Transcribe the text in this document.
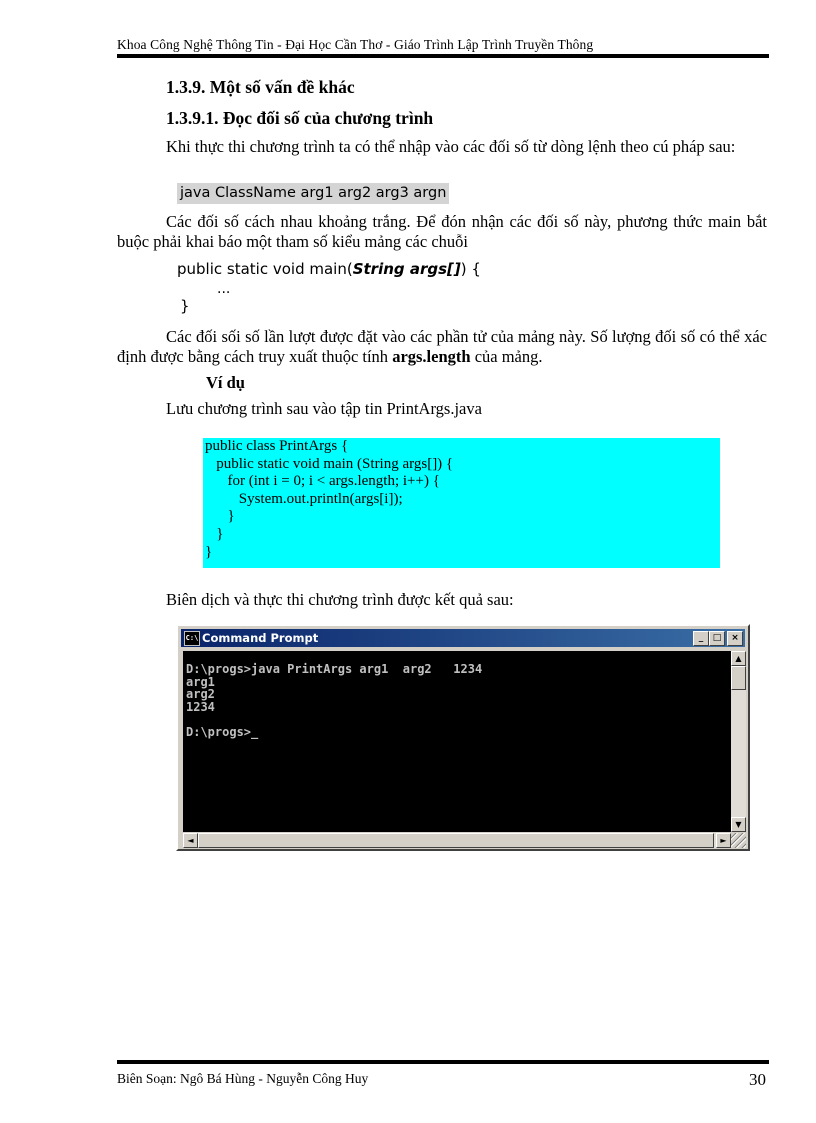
Khoa Công Nghệ Thông Tin - Đại Học Cần Thơ - Giáo Trình Lập Trình Truyền Thông
1.3.9. Một số vấn đề khác
1.3.9.1. Đọc đối số của chương trình
Khi thực thi chương trình ta có thể nhập vào các đối số từ dòng lệnh theo cú pháp sau:
java ClassName arg1 arg2 arg3 argn
Các đối số cách nhau khoảng trắng. Để đón nhận các đối số này, phương thức main bắt buộc phải khai báo một tham số kiểu mảng các chuỗi
public static void main(String args[]) {
...
}
Các đối sối số lần lượt được đặt vào các phần tử của mảng này. Số lượng đối số có thể xác định được bằng cách truy xuất thuộc tính args.length của mảng.
Ví dụ
Lưu chương trình sau vào tập tin PrintArgs.java
public class PrintArgs {
public static void main (String args[]) {
for (int i = 0; i < args.length; i++) {
System.out.println(args[i]);
}
}
}
Biên dịch và thực thi chương trình được kết quả sau:
C:\ Command Prompt	_	□	×
D:\progs>java PrintArgs arg1  arg2   1234
arg1
arg2
1234
D:\progs>_
▲
▼
◄	►
Biên Soạn: Ngô Bá Hùng - Nguyễn Công Huy	30
